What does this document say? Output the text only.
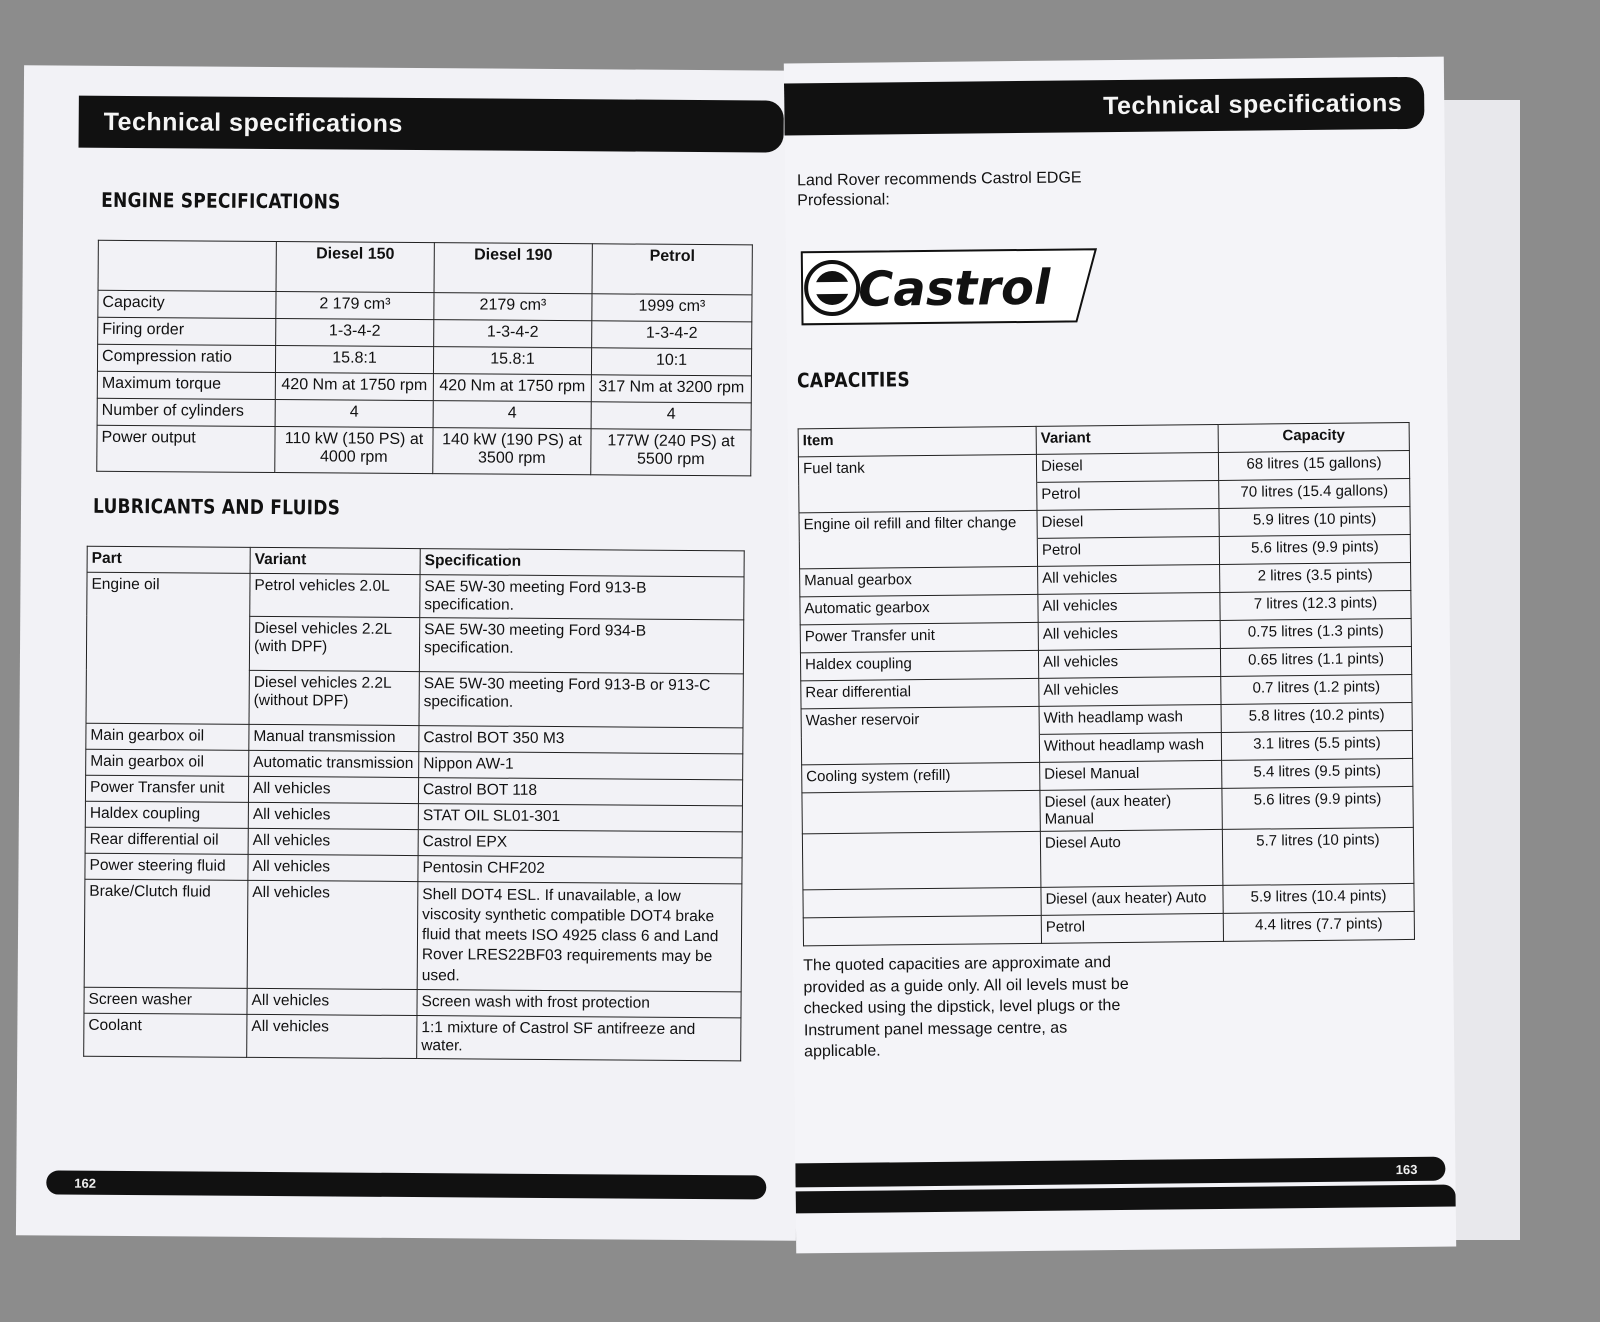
Technical specifications
ENGINE SPECIFICATIONS
	Diesel 150	Diesel 190	Petrol
Capacity	2 179 cm³	2179 cm³	1999 cm³
Firing order	1-3-4-2	1-3-4-2	1-3-4-2
Compression ratio	15.8:1	15.8:1	10:1
Maximum torque	420 Nm at 1750 rpm	420 Nm at 1750 rpm	317 Nm at 3200 rpm
Number of cylinders	4	4	4
Power output	110 kW (150 PS) at 4000 rpm	140 kW (190 PS) at 3500 rpm	177W (240 PS) at 5500 rpm
LUBRICANTS AND FLUIDS
Part	Variant	Specification
Engine oil	Petrol vehicles 2.0L	SAE 5W-30 meeting Ford 913-B specification.
	Diesel vehicles 2.2L (with DPF)	SAE 5W-30 meeting Ford 934-B specification.
	Diesel vehicles 2.2L (without DPF)	SAE 5W-30 meeting Ford 913-B or 913-C specification.
Main gearbox oil	Manual transmission	Castrol BOT 350 M3
Main gearbox oil	Automatic transmission	Nippon AW-1
Power Transfer unit	All vehicles	Castrol BOT 118
Haldex coupling	All vehicles	STAT OIL SL01-301
Rear differential oil	All vehicles	Castrol EPX
Power steering fluid	All vehicles	Pentosin CHF202
Brake/Clutch fluid	All vehicles	Shell DOT4 ESL. If unavailable, a low viscosity synthetic compatible DOT4 brake fluid that meets ISO 4925 class 6 and Land Rover LRES22BF03 requirements may be used.
Screen washer	All vehicles	Screen wash with frost protection
Coolant	All vehicles	1:1 mixture of Castrol SF antifreeze and water.
162
Technical specifications
Land Rover recommends Castrol EDGE Professional:
Castrol
CAPACITIES
Item	Variant	Capacity
Fuel tank	Diesel	68 litres (15 gallons)
	Petrol	70 litres (15.4 gallons)
Engine oil refill and filter change	Diesel	5.9 litres (10 pints)
	Petrol	5.6 litres (9.9 pints)
Manual gearbox	All vehicles	2 litres (3.5 pints)
Automatic gearbox	All vehicles	7 litres (12.3 pints)
Power Transfer unit	All vehicles	0.75 litres (1.3 pints)
Haldex coupling	All vehicles	0.65 litres (1.1 pints)
Rear differential	All vehicles	0.7 litres (1.2 pints)
Washer reservoir	With headlamp wash	5.8 litres (10.2 pints)
	Without headlamp wash	3.1 litres (5.5 pints)
Cooling system (refill)	Diesel Manual	5.4 litres (9.5 pints)
	Diesel (aux heater) Manual	5.6 litres (9.9 pints)
	Diesel Auto	5.7 litres (10 pints)
	Diesel (aux heater) Auto	5.9 litres (10.4 pints)
	Petrol	4.4 litres (7.7 pints)
The quoted capacities are approximate and provided as a guide only. All oil levels must be checked using the dipstick, level plugs or the Instrument panel message centre, as applicable.
163
